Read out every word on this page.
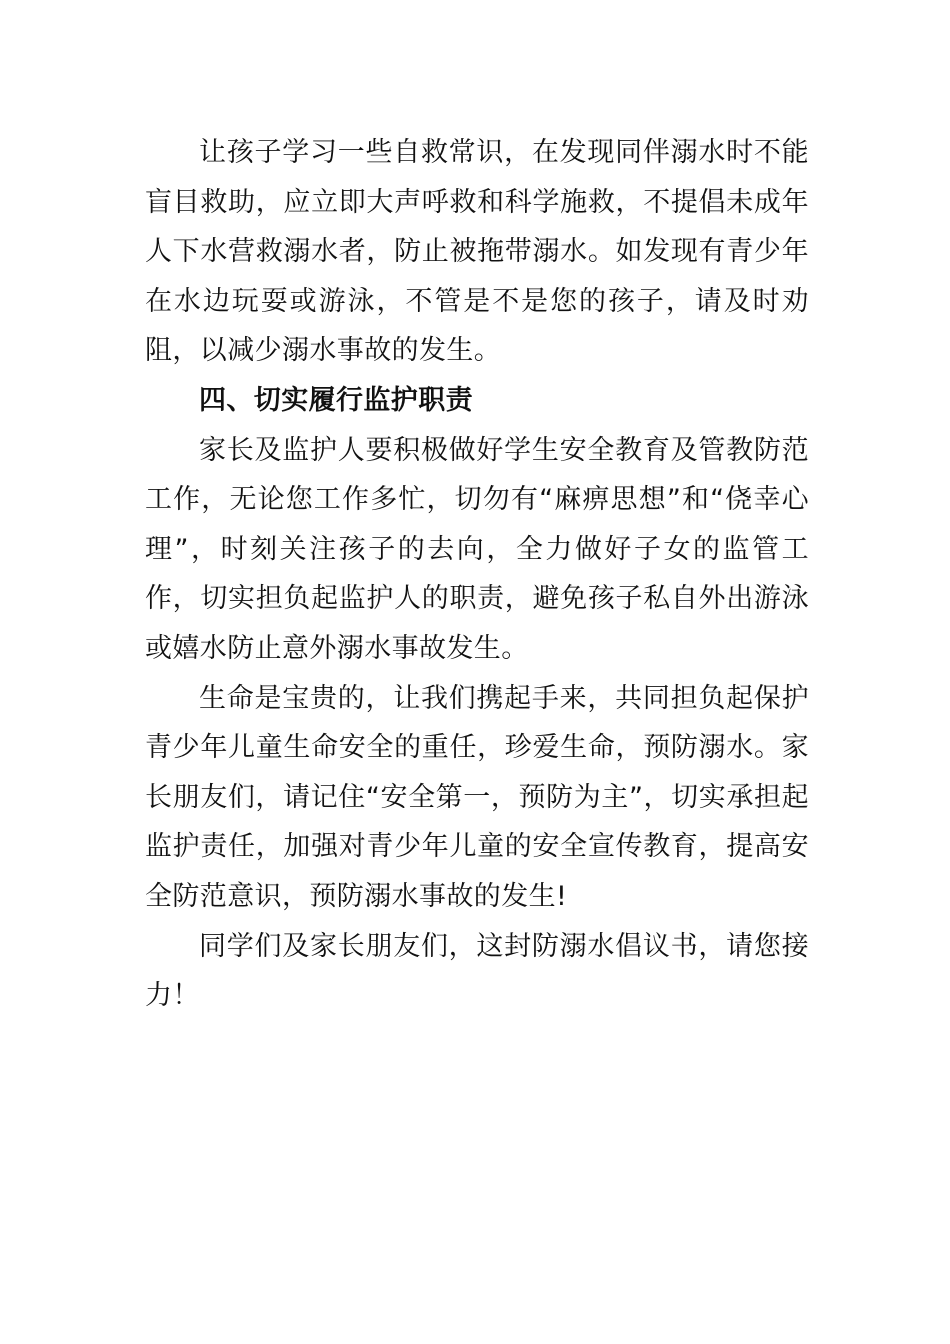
让孩子学习一些自救常识，在发现同伴溺水时不能盲目救助，应立即大声呼救和科学施救，不提倡未成年人下水营救溺水者，防止被拖带溺水。如发现有青少年在水边玩耍或游泳，不管是不是您的孩子，请及时劝阻，以减少溺水事故的发生。

四、切实履行监护职责

家长及监护人要积极做好学生安全教育及管教防范工作，无论您工作多忙，切勿有“麻痹思想”和“侥幸心理”，时刻关注孩子的去向，全力做好子女的监管工作，切实担负起监护人的职责，避免孩子私自外出游泳或嬉水防止意外溺水事故发生。

生命是宝贵的，让我们携起手来，共同担负起保护青少年儿童生命安全的重任，珍爱生命，预防溺水。家长朋友们，请记住“安全第一，预防为主”，切实承担起监护责任，加强对青少年儿童的安全宣传教育，提高安全防范意识，预防溺水事故的发生!

同学们及家长朋友们，这封防溺水倡议书，请您接力！
